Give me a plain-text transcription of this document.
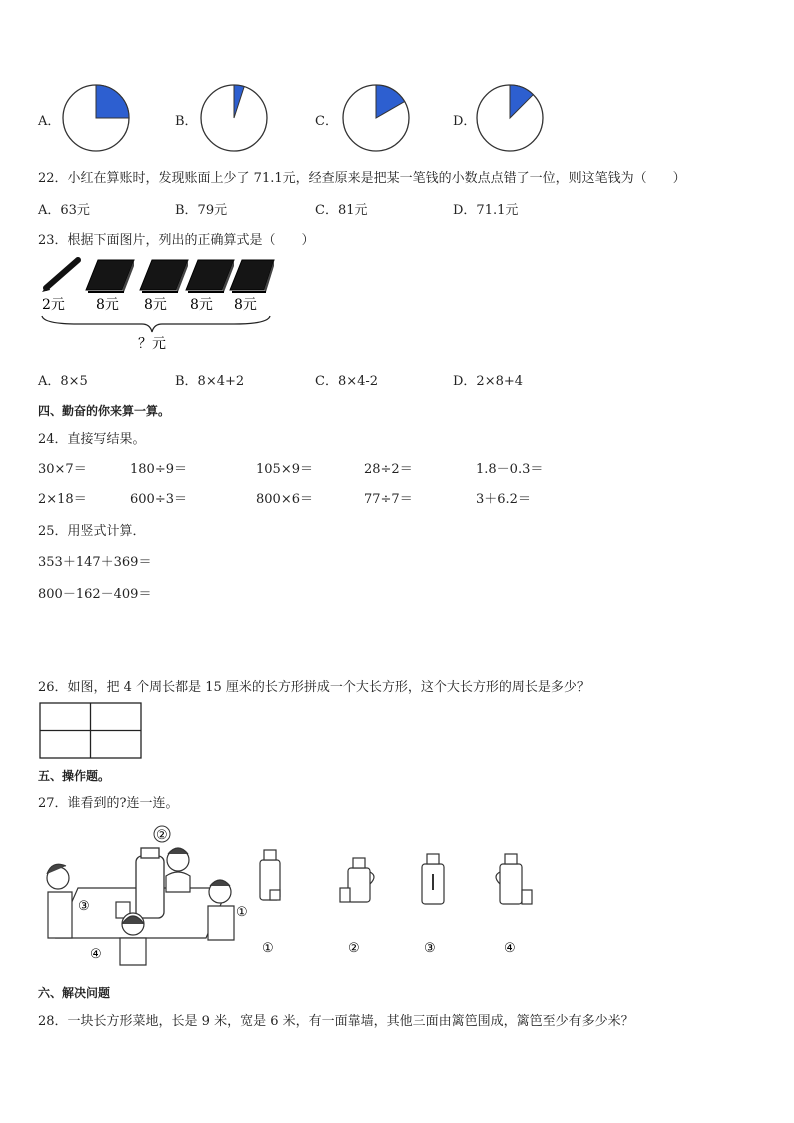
A．	B．	C．	D．
22．小红在算账时，发现账面上少了 71.1元，经查原来是把某一笔钱的小数点点错了一位，则这笔钱为（　　）
A．63元	B．79元	C．81元	D．71.1元
23．根据下面图片，列出的正确算式是（　　）
2元 8元 8元 8元 8元
？元
A．8×5	B．8×4+2	C．8×4-2	D．2×8+4
四、勤奋的你来算一算。
24．直接写结果。
30×7＝	180÷9＝	105×9＝	28÷2＝	1.8－0.3＝
2×18＝	600÷3＝	800×6＝	77÷7＝	3＋6.2＝
25．用竖式计算．
353＋147＋369＝
800－162－409＝
26．如图，把 4 个周长都是 15 厘米的长方形拼成一个大长方形，这个大长方形的周长是多少？
五、操作题。
27．谁看到的?连一连。
②
③	①
④	①	②	③	④
六、解决问题
28．一块长方形菜地，长是 9 米，宽是 6 米，有一面靠墙，其他三面由篱笆围成，篱笆至少有多少米？
